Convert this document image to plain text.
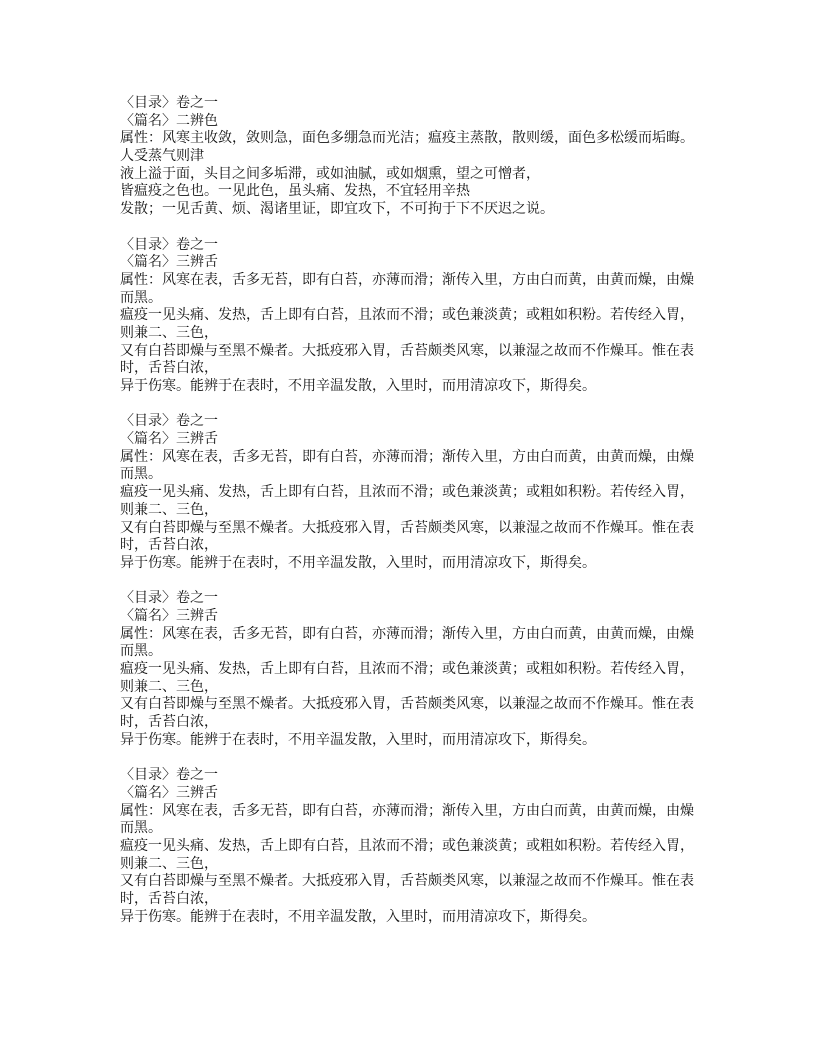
〈目录〉卷之一
〈篇名〉二辨色
属性：风寒主收敛，敛则急，面色多绷急而光洁；瘟疫主蒸散，散则缓，面色多松缓而垢晦。
人受蒸气则津
液上溢于面，头目之间多垢滞，或如油腻，或如烟熏，望之可憎者，
皆瘟疫之色也。一见此色，虽头痛、发热，不宜轻用辛热
发散；一见舌黄、烦、渴诸里证，即宜攻下，不可拘于下不厌迟之说。
〈目录〉卷之一
〈篇名〉三辨舌
属性：风寒在表，舌多无苔，即有白苔，亦薄而滑；渐传入里，方由白而黄，由黄而燥，由燥
而黑。
瘟疫一见头痛、发热，舌上即有白苔，且浓而不滑；或色兼淡黄；或粗如积粉。若传经入胃，
则兼二、三色，
又有白苔即燥与至黑不燥者。大抵疫邪入胃，舌苔颇类风寒，以兼湿之故而不作燥耳。惟在表
时，舌苔白浓，
异于伤寒。能辨于在表时，不用辛温发散，入里时，而用清凉攻下，斯得矣。
〈目录〉卷之一
〈篇名〉三辨舌
属性：风寒在表，舌多无苔，即有白苔，亦薄而滑；渐传入里，方由白而黄，由黄而燥，由燥
而黑。
瘟疫一见头痛、发热，舌上即有白苔，且浓而不滑；或色兼淡黄；或粗如积粉。若传经入胃，
则兼二、三色，
又有白苔即燥与至黑不燥者。大抵疫邪入胃，舌苔颇类风寒，以兼湿之故而不作燥耳。惟在表
时，舌苔白浓，
异于伤寒。能辨于在表时，不用辛温发散，入里时，而用清凉攻下，斯得矣。
〈目录〉卷之一
〈篇名〉三辨舌
属性：风寒在表，舌多无苔，即有白苔，亦薄而滑；渐传入里，方由白而黄，由黄而燥，由燥
而黑。
瘟疫一见头痛、发热，舌上即有白苔，且浓而不滑；或色兼淡黄；或粗如积粉。若传经入胃，
则兼二、三色，
又有白苔即燥与至黑不燥者。大抵疫邪入胃，舌苔颇类风寒，以兼湿之故而不作燥耳。惟在表
时，舌苔白浓，
异于伤寒。能辨于在表时，不用辛温发散，入里时，而用清凉攻下，斯得矣。
〈目录〉卷之一
〈篇名〉三辨舌
属性：风寒在表，舌多无苔，即有白苔，亦薄而滑；渐传入里，方由白而黄，由黄而燥，由燥
而黑。
瘟疫一见头痛、发热，舌上即有白苔，且浓而不滑；或色兼淡黄；或粗如积粉。若传经入胃，
则兼二、三色，
又有白苔即燥与至黑不燥者。大抵疫邪入胃，舌苔颇类风寒，以兼湿之故而不作燥耳。惟在表
时，舌苔白浓，
异于伤寒。能辨于在表时，不用辛温发散，入里时，而用清凉攻下，斯得矣。
